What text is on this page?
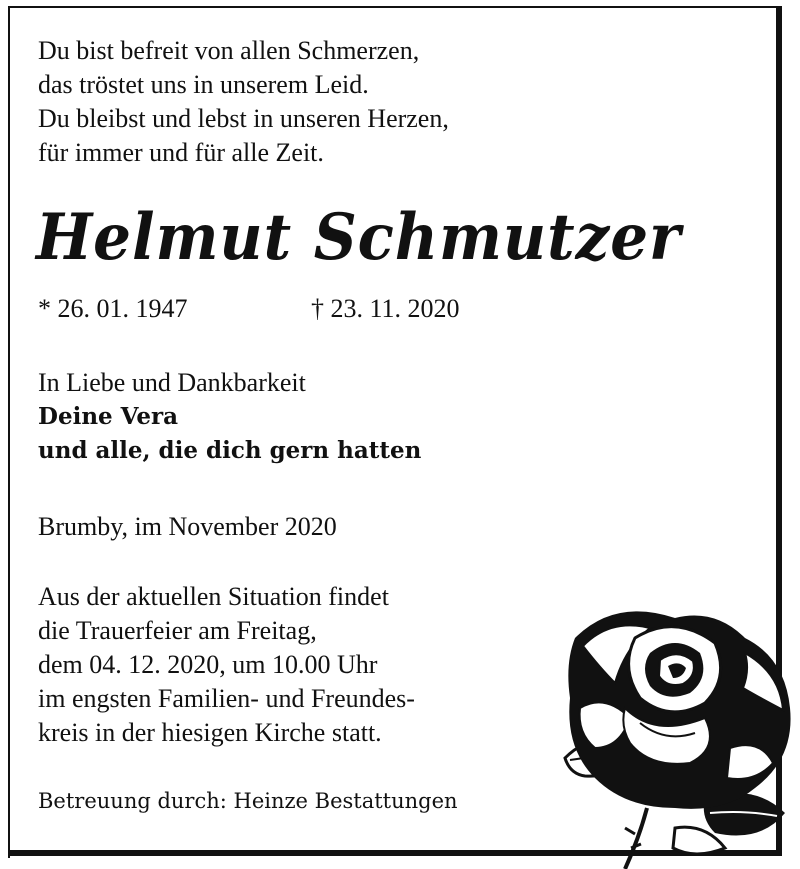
Du bist befreit von allen Schmerzen,
das tröstet uns in unserem Leid.
Du bleibst und lebst in unseren Herzen,
für immer und für alle Zeit.

Helmut Schmutzer

* 26. 01. 1947	† 23. 11. 2020

In Liebe und Dankbarkeit
Deine Vera
und alle, die dich gern hatten

Brumby, im November 2020

Aus der aktuellen Situation findet
die Trauerfeier am Freitag,
dem 04. 12. 2020, um 10.00 Uhr
im engsten Familien- und Freundes-
kreis in der hiesigen Kirche statt.

Betreuung durch: Heinze Bestattungen
